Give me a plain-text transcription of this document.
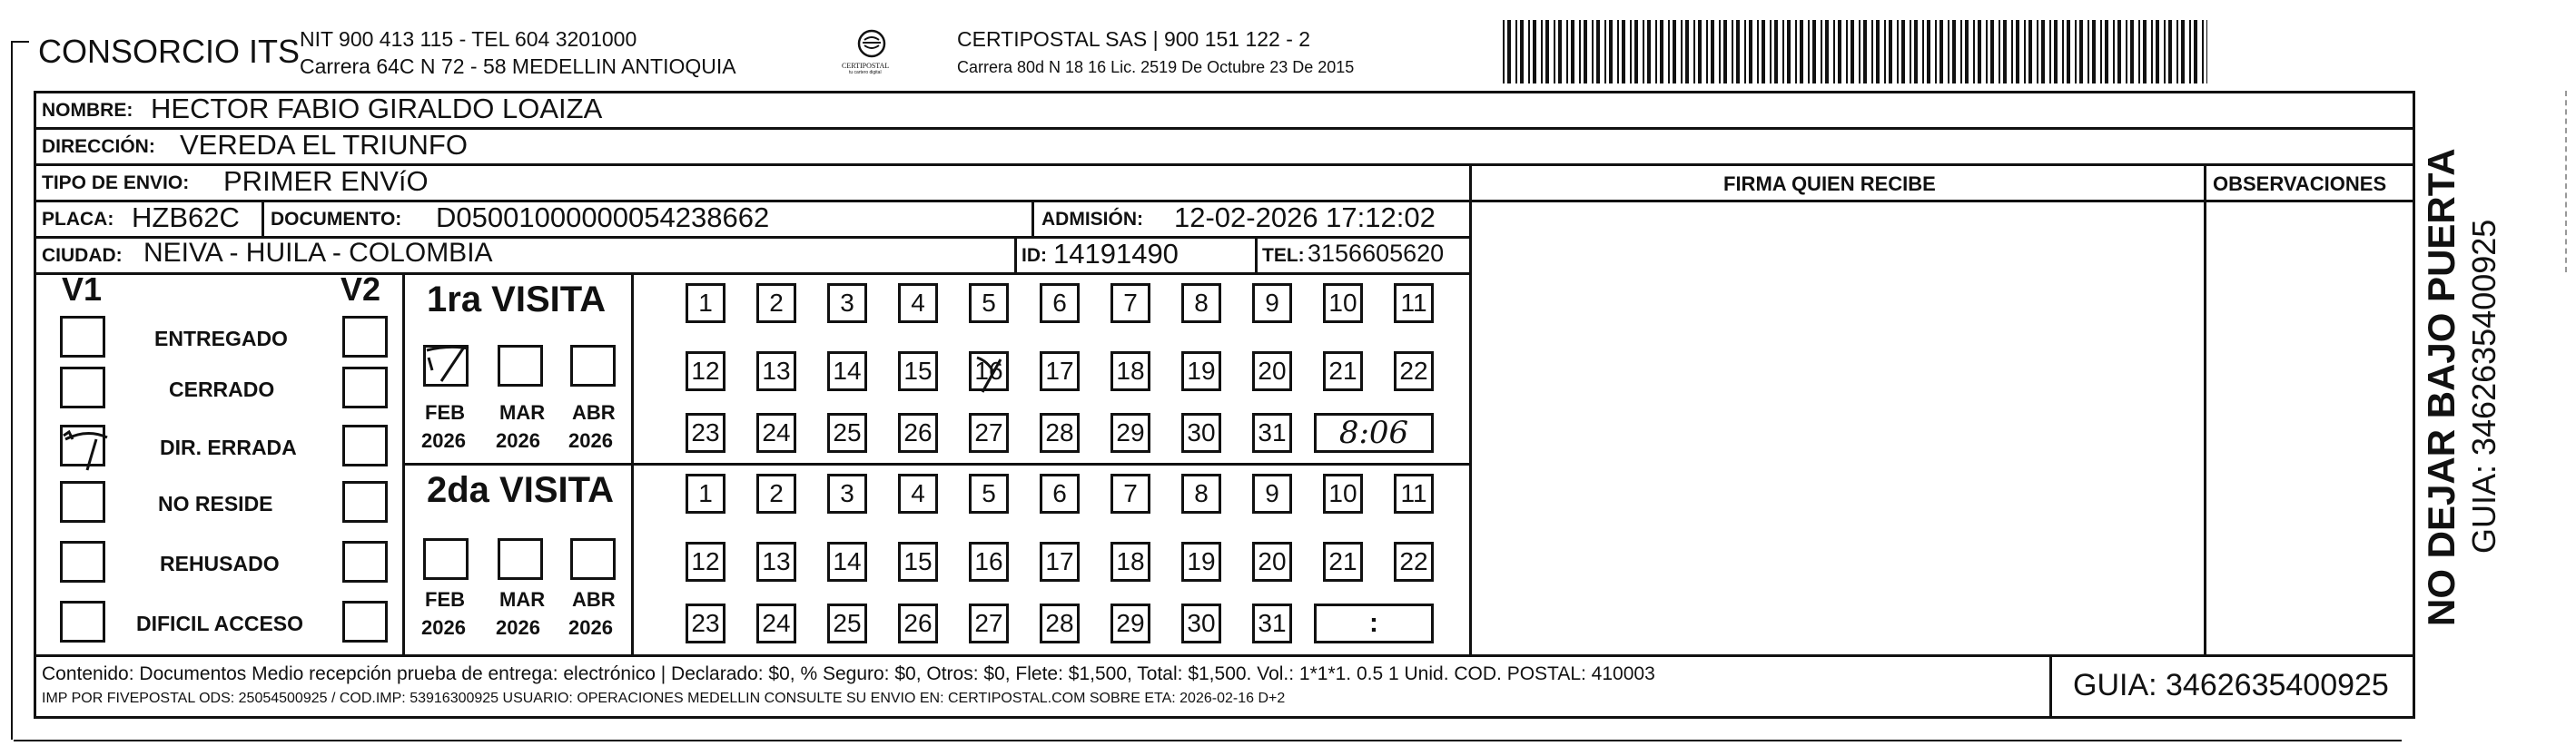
CONSORCIO ITS NIT 900 413 115 - TEL 604 3201000
Carrera 64C N 72 - 58 MEDELLIN ANTIOQUIA	CERTIPOSTAL
tu cartero digital
CERTIPOSTAL SAS | 900 151 122 - 2
Carrera 80d N 18 16 Lic. 2519 De Octubre 23 De 2015
FIRMA QUIEN RECIBE	OBSERVACIONES
NOMBRE: HECTOR FABIO GIRALDO LOAIZA
DIRECCIÓN: VEREDA EL TRIUNFO
TIPO DE ENVIO: PRIMER ENVíO
PLACA: HZB62C DOCUMENTO: D05001000000054238662	ADMISIÓN: 12-02-2026 17:12:02
CIUDAD: NEIVA - HUILA - COLOMBIA	ID: 14191490	TEL: 3156605620
V1	V2
ENTREGADO
CERRADO
DIR. ERRADA
NO RESIDE
REHUSADO
DIFICIL ACCESO
1ra VISITA
2da VISITA
FEB
2026
MAR
2026
ABR
2026
FEB
2026
MAR
2026
ABR
2026
1	2	3	4	5	6	7	8	9	10 11
12 13 14 15 16 17 18 19 20 21 22
23 24 25 26 27 28 29 30 31 8:06
1	2	3	4	5	6	7	8	9	10 11
12 13 14 15 16 17 18 19 20 21 22
23 24 25 26 27 28 29 30 31	:
Contenido: Documentos Medio recepción prueba de entrega: electrónico | Declarado: $0, % Seguro: $0, Otros: $0, Flete: $1,500, Total: $1,500. Vol.: 1*1*1. 0.5 1 Unid. COD. POSTAL: 410003
IMP POR FIVEPOSTAL ODS: 25054500925 / COD.IMP: 53916300925 USUARIO: OPERACIONES MEDELLIN CONSULTE SU ENVIO EN: CERTIPOSTAL.COM SOBRE ETA: 2026-02-16 D+2	GUIA: 3462635400925
NO DEJAR BAJO PUERTA GUIA: 3462635400925
